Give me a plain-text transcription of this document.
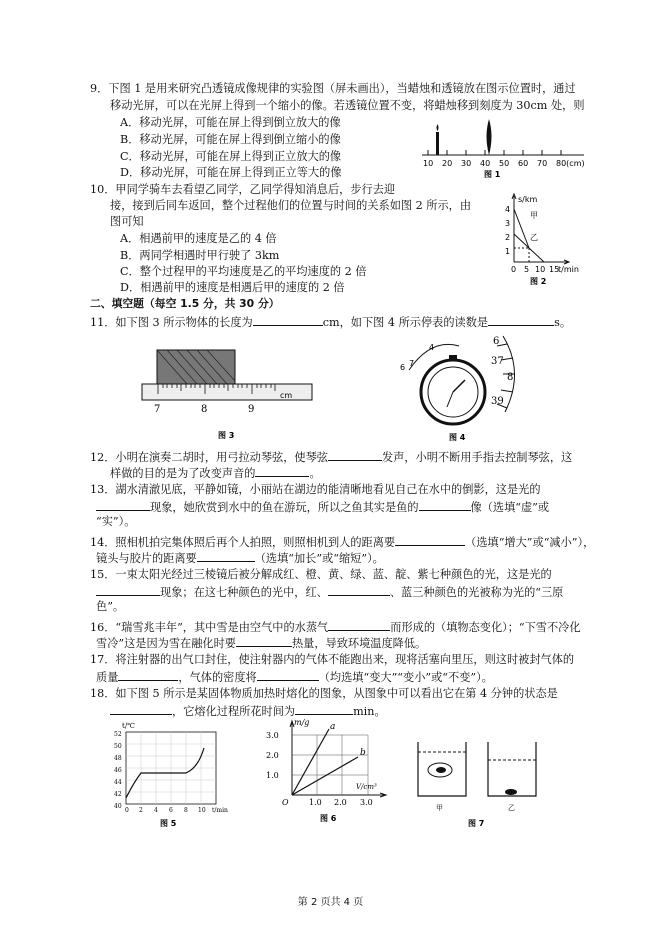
9．下图 1 是用来研究凸透镜成像规律的实验图（屏未画出），当蜡烛和透镜放在图示位置时，通过
移动光屏，可以在光屏上得到一个缩小的像。若透镜位置不变，将蜡烛移到刻度为 30cm 处，则
A．移动光屏，可能在屏上得到倒立放大的像
B．移动光屏，可能在屏上得到倒立缩小的像
C．移动光屏，可能在屏上得到正立放大的像
D．移动光屏，可能在屏上得到正立等大的像
10 20 30 40 50 60 70 80(cm)
图 1
10．甲同学骑车去看望乙同学，乙同学得知消息后，步行去迎
接，接到后同车返回，整个过程他们的位置与时间的关系如图 2 所示，由
图可知
A．相遇前甲的速度是乙的 4 倍
B．两同学相遇时甲行驶了 3km
C．整个过程甲的平均速度是乙的平均速度的 2 倍
D．相遇前甲的速度是相遇后甲的速度的 2 倍
s/km
4
3
2
1
甲
乙
0 5 10 15
t/min
图 2
二、填空题（每空 1.5 分，共 30 分）
11．如下图 3 所示物体的长度为	cm，如下图 4 所示停表的读数是	s。
7	8	9
cm
图 3
4
7
6
6
37
8
39
图 4
12．小明在演奏二胡时，用弓拉动琴弦，使琴弦	发声，小明不断用手指去控制琴弦，这
样做的目的是为了改变声音的	。
13．湖水清澈见底，平静如镜，小丽站在湖边的能清晰地看见自己在水中的倒影，这是光的
现象，她欣赏到水中的鱼在游玩，所以之鱼其实是鱼的	像（选填“虚”或
“实”）。
14．照相机拍完集体照后再个人拍照，则照相机到人的距离要	（选填“增大”或“减小”），
镜头与胶片的距离要	（选填“加长”或“缩短”）。
15．一束太阳光经过三棱镜后被分解成红、橙、黄、绿、蓝、靛、紫七种颜色的光，这是光的
现象；在这七种颜色的光中，红、	、蓝三种颜色的光被称为光的“三原
色”。
16．“瑞雪兆丰年”，其中雪是由空气中的水蒸气	而形成的（填物态变化）；“下雪不冷化
雪冷”这是因为雪在融化时要	热量，导致环境温度降低。
17．将注射器的出气口封住，使注射器内的气体不能跑出来，现将活塞向里压，则这时被封气体的
质量	，气体的密度将	（均选填“变大”“变小”或“不变”）。
18．如下图 5 所示是某固体物质加热时熔化的图象，从图象中可以看出它在第 4 分钟的状态是
，它熔化过程所花时间为	min。
t/℃
52
50
48
46
44
42
40
0 2 4 6 8 10 t/min
图 5
a
b
m/g
3.0
2.0
1.0
O	1.0 2.0 3.0
V/cm³
图 6
甲	乙
图 7
第 2 页共 4 页
